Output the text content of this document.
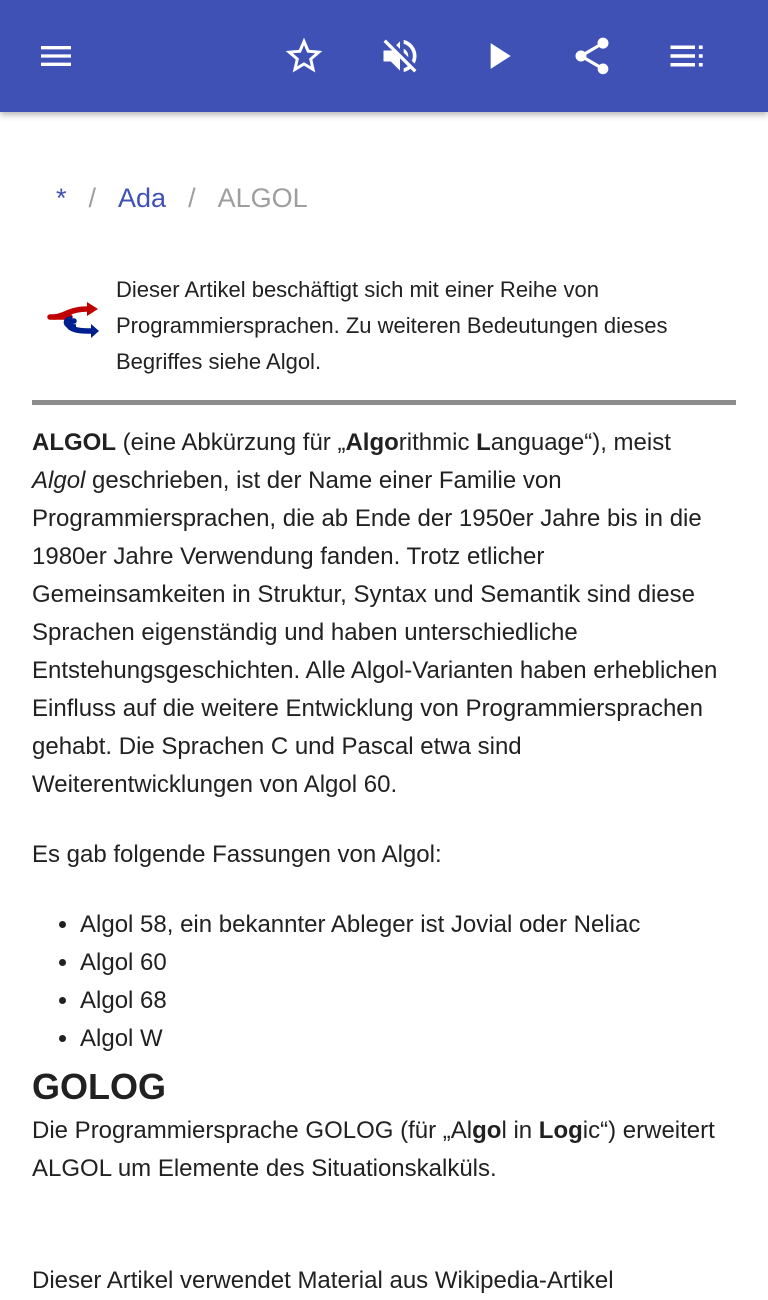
* / Ada / ALGOL
Dieser Artikel beschäftigt sich mit einer Reihe von Programmiersprachen. Zu weiteren Bedeutungen dieses Begriffes siehe Algol.

ALGOL (eine Abkürzung für „Algorithmic Language“), meist Algol geschrieben, ist der Name einer Familie von Programmiersprachen, die ab Ende der 1950er Jahre bis in die 1980er Jahre Verwendung fanden. Trotz etlicher Gemeinsamkeiten in Struktur, Syntax und Semantik sind diese Sprachen eigenständig und haben unterschiedliche Entstehungsgeschichten. Alle Algol-Varianten haben erheblichen Einfluss auf die weitere Entwicklung von Programmiersprachen gehabt. Die Sprachen C und Pascal etwa sind Weiterentwicklungen von Algol 60.

Es gab folgende Fassungen von Algol:

• Algol 58, ein bekannter Ableger ist Jovial oder Neliac
• Algol 60
• Algol 68
• Algol W
GOLOG

Die Programmiersprache GOLOG (für „Algol in Logic“) erweitert ALGOL um Elemente des Situationskalküls.

Dieser Artikel verwendet Material aus Wikipedia-Artikel
